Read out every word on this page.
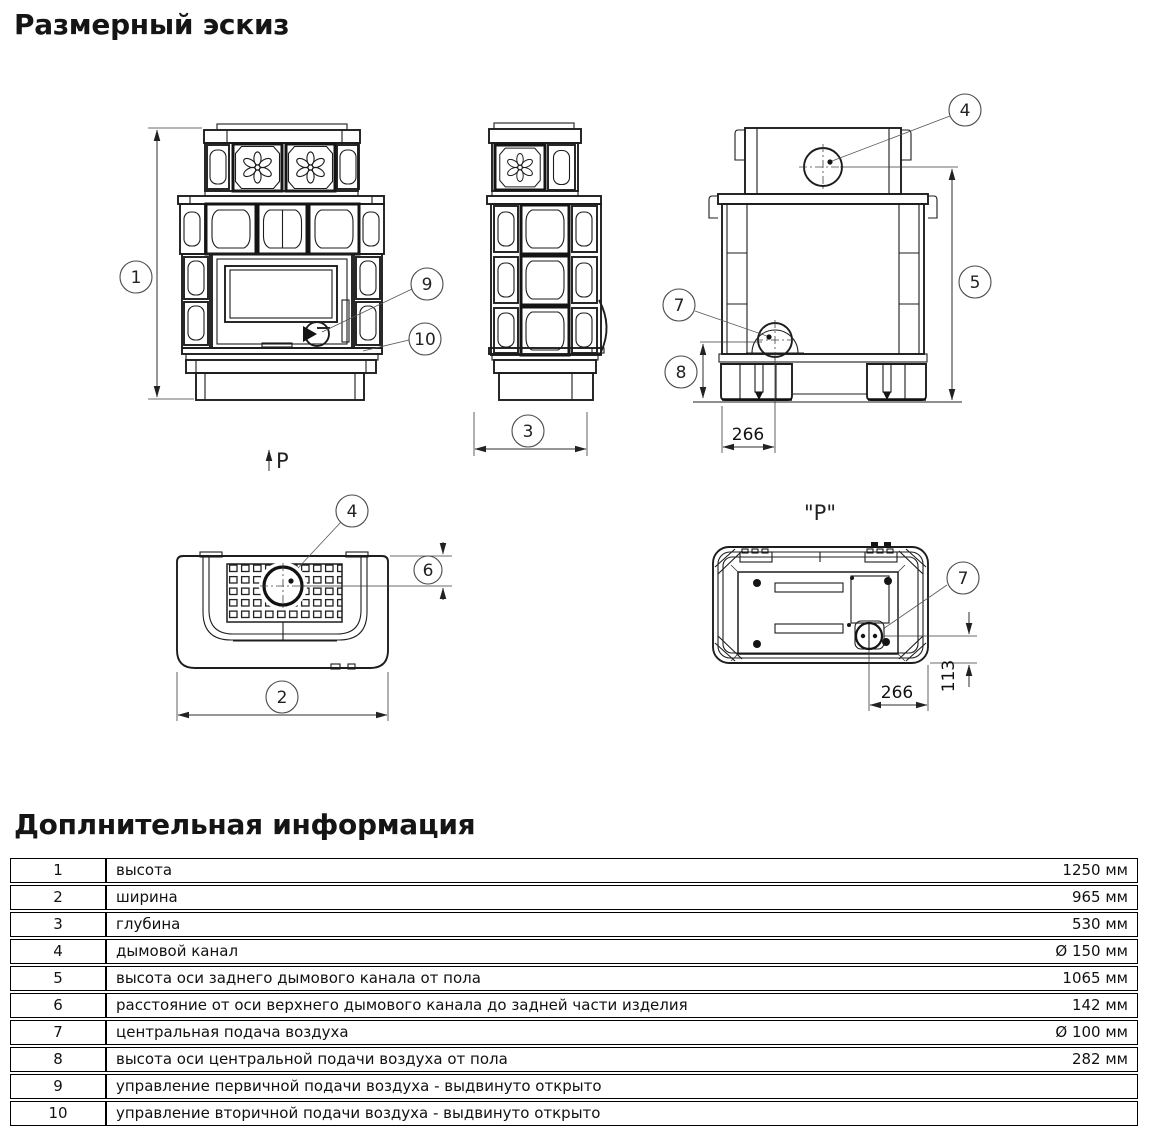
Размерный эскиз
P
1	9
10
3
4
5
7
8
266
4
6
2
"P"
7
113
266
Доплнительная информация
1	высота 1250 мм

2	ширина 965 мм

3	глубина 530 мм

4	дымовой канал Ø 150 мм

5	высота оси заднего дымового канала от пола 1065 мм

6	расстояние от оси верхнего дымового канала до задней части изделия 142 мм

7	центральная подача воздуха Ø 100 мм

8	высота оси центральной подачи воздуха от пола 282 мм

9	управление первичной подачи воздуха - выдвинуто открыто

10	управление вторичной подачи воздуха - выдвинуто открыто
